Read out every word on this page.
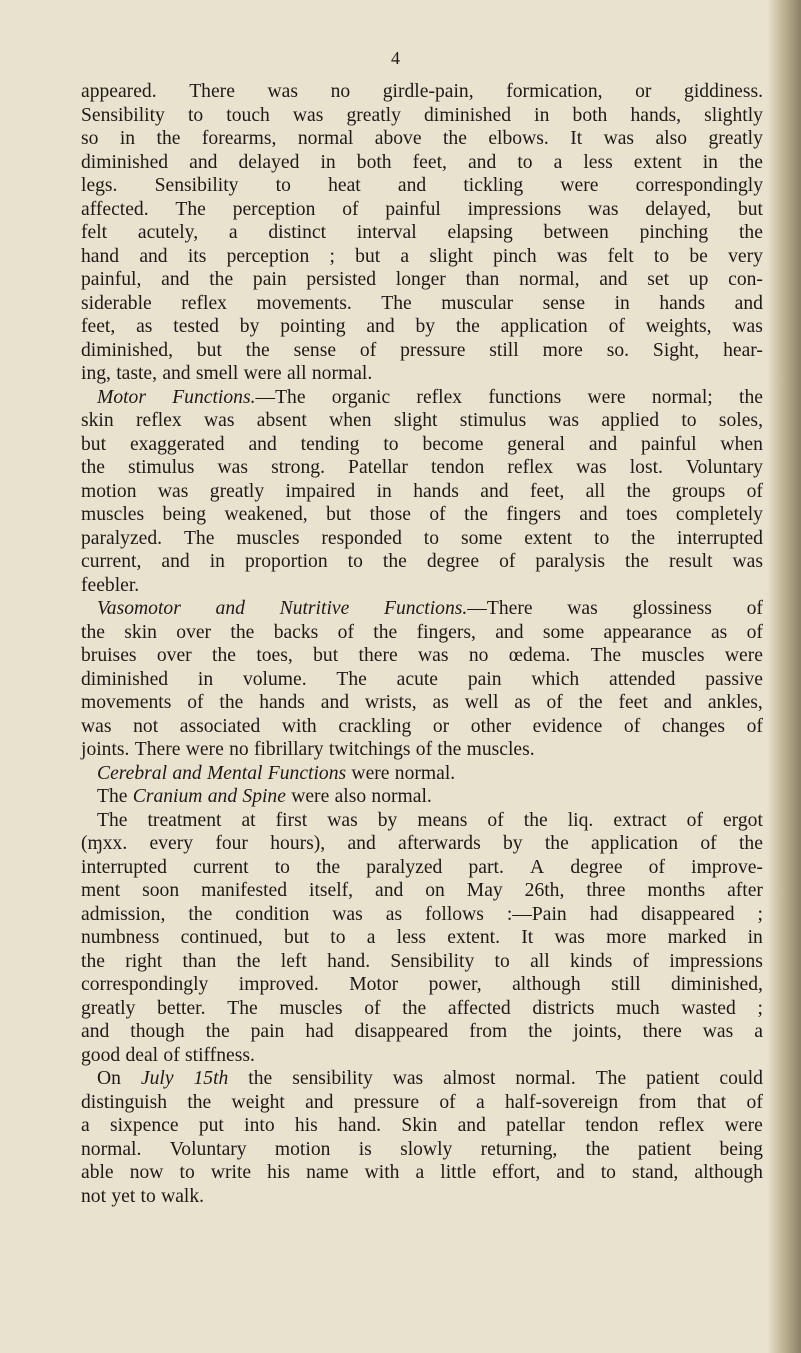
4
appeared. There was no girdle-pain, formication, or giddiness.
Sensibility to touch was greatly diminished in both hands, slightly
so in the forearms, normal above the elbows. It was also greatly
diminished and delayed in both feet, and to a less extent in the
legs. Sensibility to heat and tickling were correspondingly
affected. The perception of painful impressions was delayed, but
felt acutely, a distinct interval elapsing between pinching the
hand and its perception ; but a slight pinch was felt to be very
painful, and the pain persisted longer than normal, and set up con-
siderable reflex movements. The muscular sense in hands and
feet, as tested by pointing and by the application of weights, was
diminished, but the sense of pressure still more so. Sight, hear-
ing, taste, and smell were all normal.
Motor Functions.—The organic reflex functions were normal; the
skin reflex was absent when slight stimulus was applied to soles,
but exaggerated and tending to become general and painful when
the stimulus was strong. Patellar tendon reflex was lost. Voluntary
motion was greatly impaired in hands and feet, all the groups of
muscles being weakened, but those of the fingers and toes completely
paralyzed. The muscles responded to some extent to the interrupted
current, and in proportion to the degree of paralysis the result was
feebler.
Vasomotor and Nutritive Functions.—There was glossiness of
the skin over the backs of the fingers, and some appearance as of
bruises over the toes, but there was no œdema. The muscles were
diminished in volume. The acute pain which attended passive
movements of the hands and wrists, as well as of the feet and ankles,
was not associated with crackling or other evidence of changes of
joints. There were no fibrillary twitchings of the muscles.
Cerebral and Mental Functions were normal.
The Cranium and Spine were also normal.
The treatment at first was by means of the liq. extract of ergot
(ɱxx. every four hours), and afterwards by the application of the
interrupted current to the paralyzed part. A degree of improve-
ment soon manifested itself, and on May 26th, three months after
admission, the condition was as follows :—Pain had disappeared ;
numbness continued, but to a less extent. It was more marked in
the right than the left hand. Sensibility to all kinds of impressions
correspondingly improved. Motor power, although still diminished,
greatly better. The muscles of the affected districts much wasted ;
and though the pain had disappeared from the joints, there was a
good deal of stiffness.
On July 15th the sensibility was almost normal. The patient could
distinguish the weight and pressure of a half-sovereign from that of
a sixpence put into his hand. Skin and patellar tendon reflex were
normal. Voluntary motion is slowly returning, the patient being
able now to write his name with a little effort, and to stand, although
not yet to walk.
